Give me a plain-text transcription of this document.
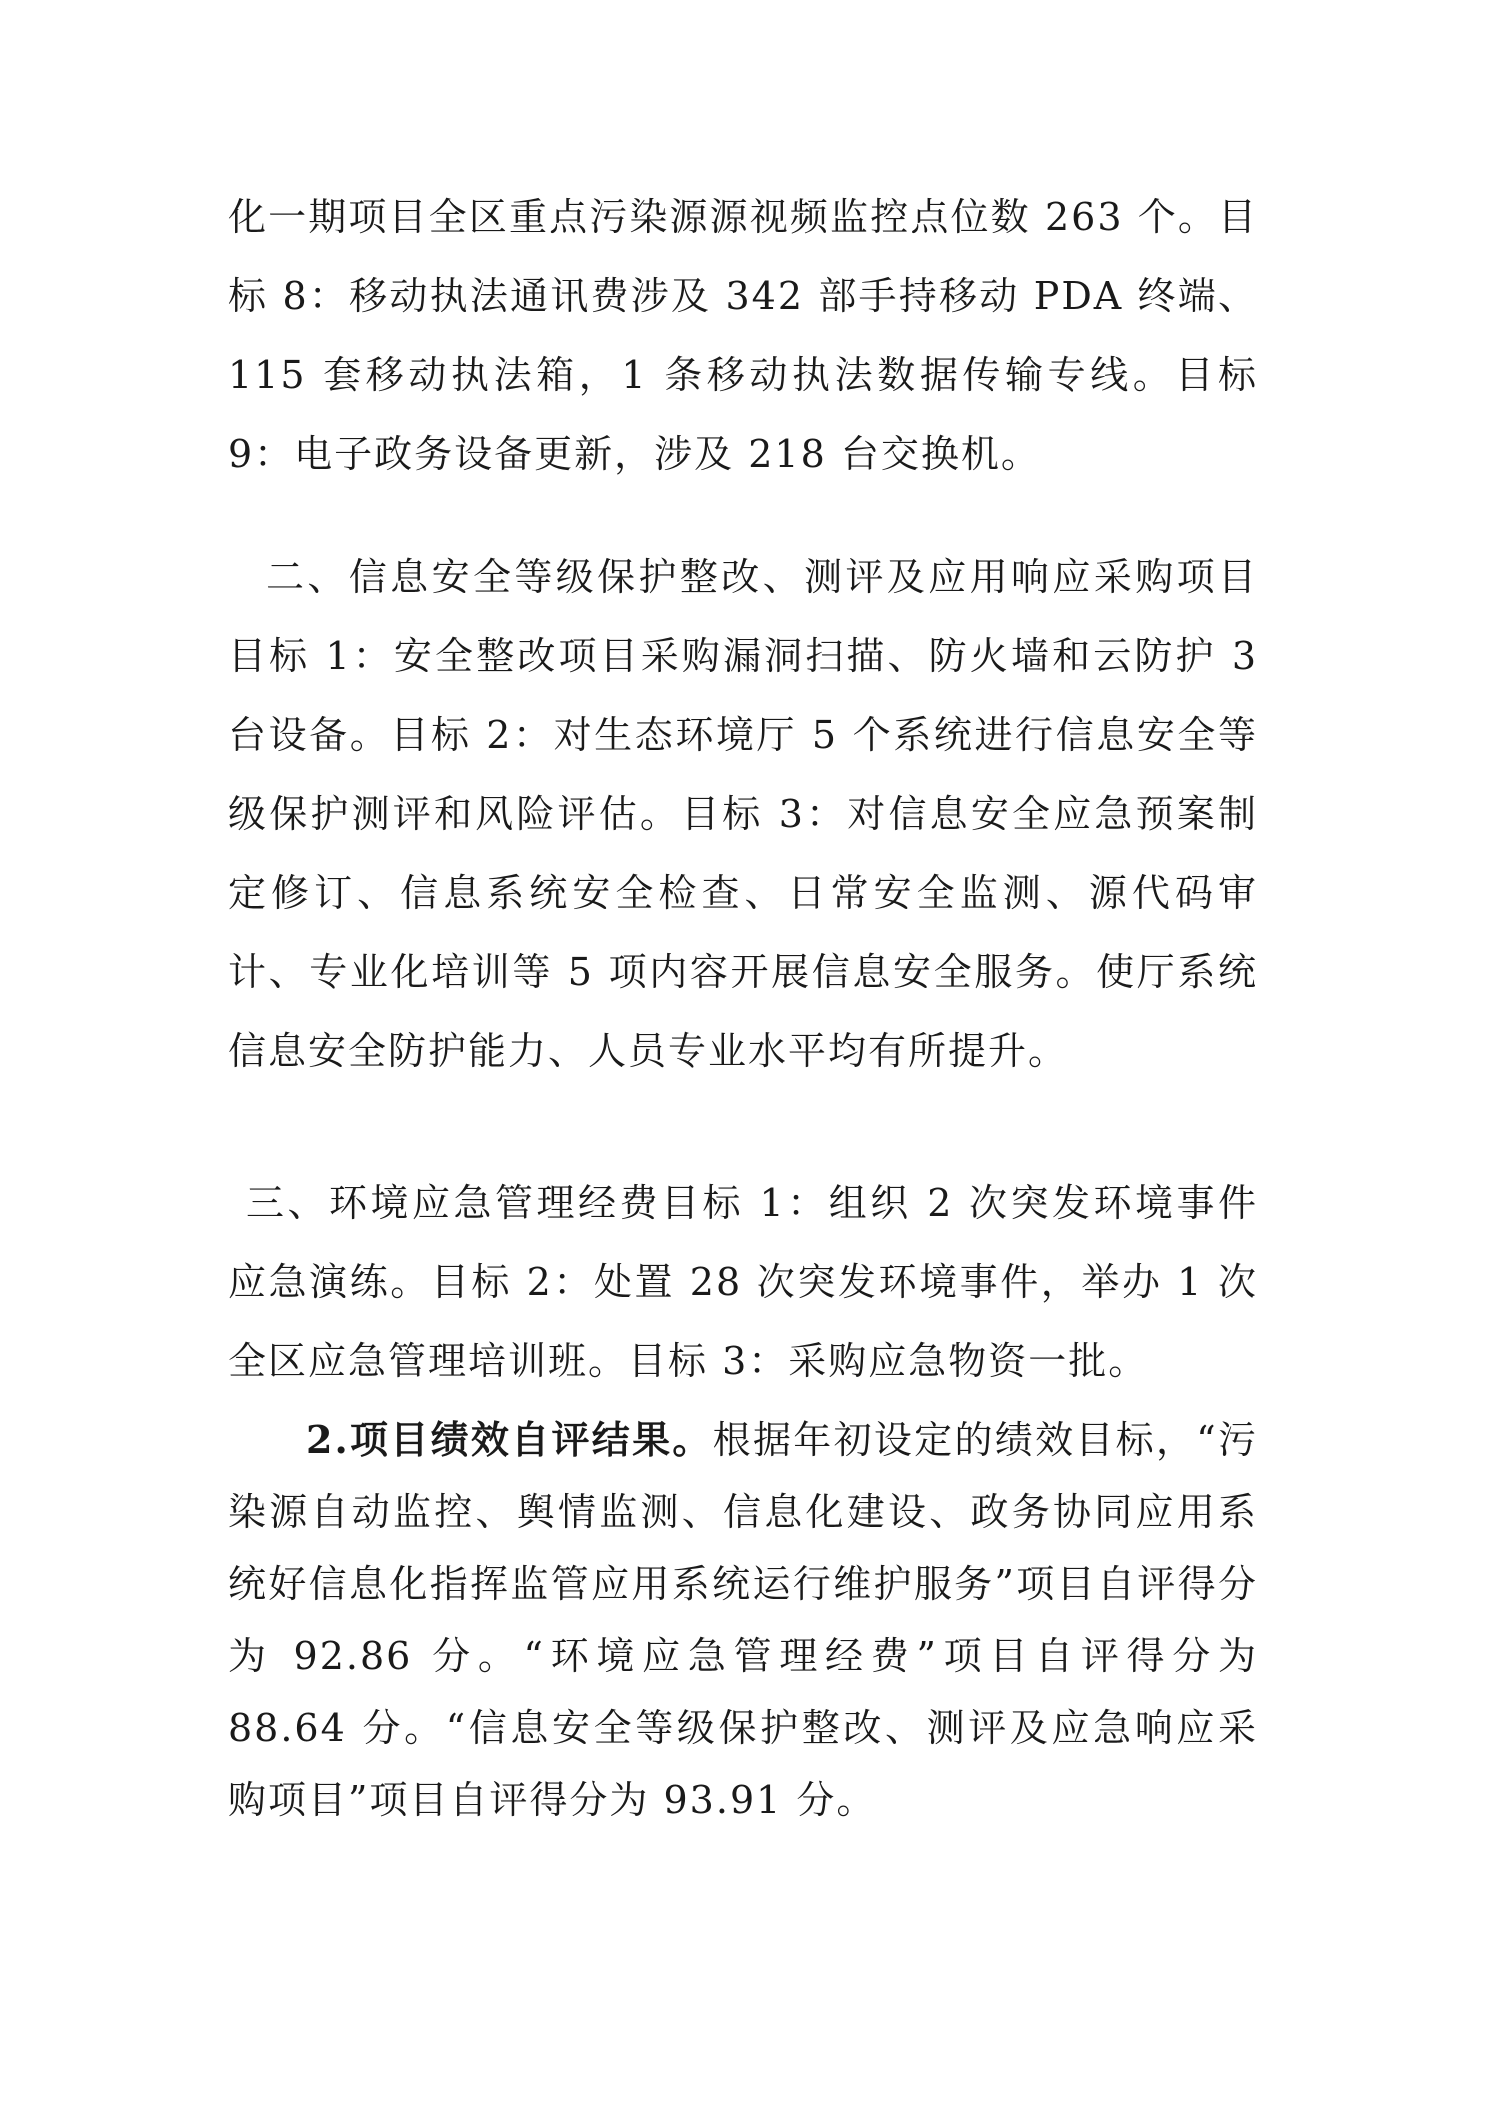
化一期项目全区重点污染源源视频监控点位数 263 个。目标 8：移动执法通讯费涉及 342 部手持移动 PDA 终端、115 套移动执法箱，1 条移动执法数据传输专线。目标 9：电子政务设备更新，涉及 218 台交换机。

二、信息安全等级保护整改、测评及应用响应采购项目目标 1：安全整改项目采购漏洞扫描、防火墙和云防护 3 台设备。目标 2：对生态环境厅 5 个系统进行信息安全等级保护测评和风险评估。目标 3：对信息安全应急预案制定修订、信息系统安全检查、日常安全监测、源代码审计、专业化培训等 5 项内容开展信息安全服务。使厅系统信息安全防护能力、人员专业水平均有所提升。

三、环境应急管理经费目标 1：组织 2 次突发环境事件应急演练。目标 2：处置 28 次突发环境事件，举办 1 次全区应急管理培训班。目标 3：采购应急物资一批。

2.项目绩效自评结果。根据年初设定的绩效目标，“污染源自动监控、舆情监测、信息化建设、政务协同应用系统好信息化指挥监管应用系统运行维护服务”项目自评得分为 92.86 分。“环境应急管理经费”项目自评得分为 88.64 分。“信息安全等级保护整改、测评及应急响应采购项目”项目自评得分为 93.91 分。
